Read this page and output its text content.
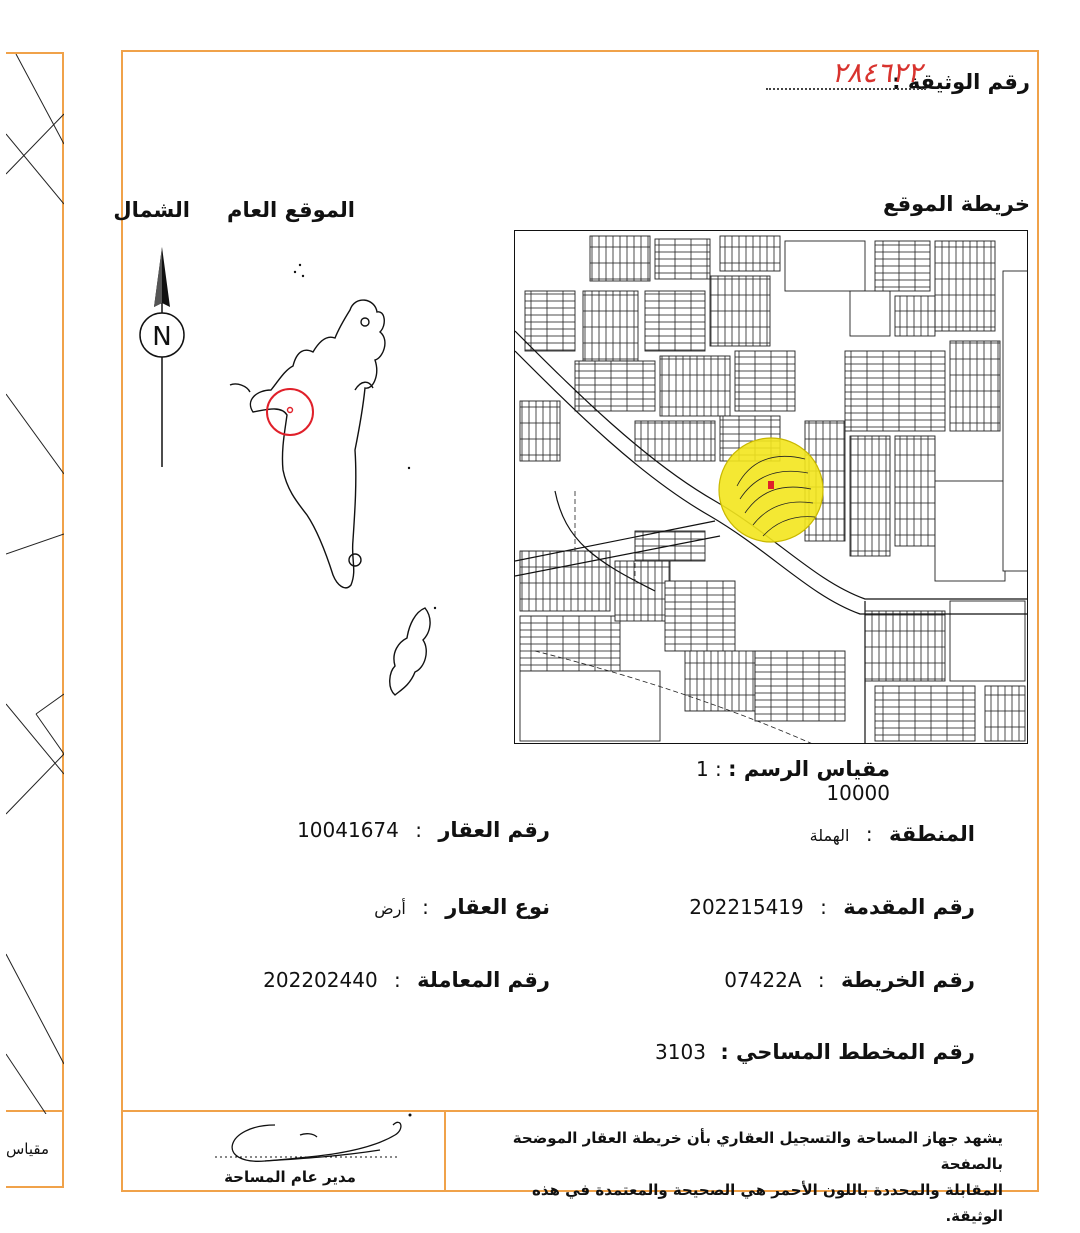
مقياس
رقم الوثيقة :
٢٨٤٦٢٢
خريطة الموقع
الموقع العام
الشمال
N
مقياس الرسم : 1 : 10000
المنطقة : الهملة
رقم المقدمة : 202215419
رقم الخريطة : 07422A
رقم المخطط المساحي : 3103
رقم العقار : 10041674
نوع العقار : أرض
رقم المعاملة : 202202440
يشهد جهاز المساحة والتسجيل العقاري بأن خريطة العقار الموضحة بالصفحة
المقابلة والمحددة باللون الأحمر هي الصحيحة والمعتمدة في هذه الوثيقة.
مدير عام المساحة
